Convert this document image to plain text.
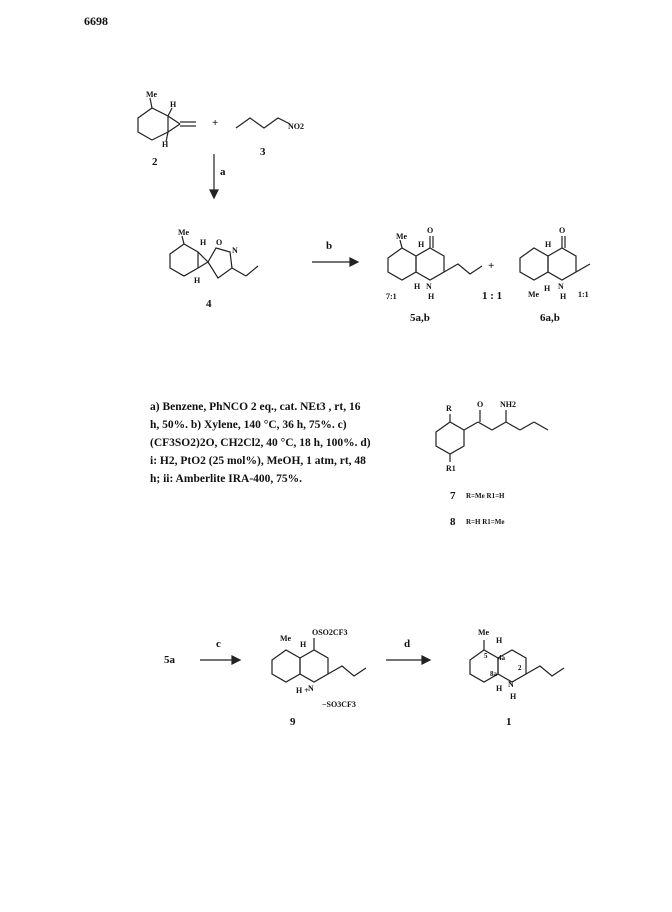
6698
Me
H
H
2
+	NO2
3
a
Me
H O
N
H
4
b
Me
O
H
N
H
H
7:1
+
1 : 1
5a,b
O
H
Me
H N
H 1:1
6a,b
a) Benzene, PhNCO 2 eq., cat. NEt3 , rt, 16 h, 50%. b) Xylene, 140 °C, 36 h, 75%. c) (CF3SO2)2O, CH2Cl2, 40 °C, 18 h, 100%. d) i: H2, PtO2 (25 mol%), MeOH, 1 atm, rt, 48 h; ii: Amberlite IRA-400, 75%.
R	O NH2
R1
7 R=Me R1=H
8 R=H R1=Me
5a
c	Me
H
OSO2CF3
N
H +
−SO3CF3
9
d
Me
H
5 4a
8a
2
N
H
H
1
